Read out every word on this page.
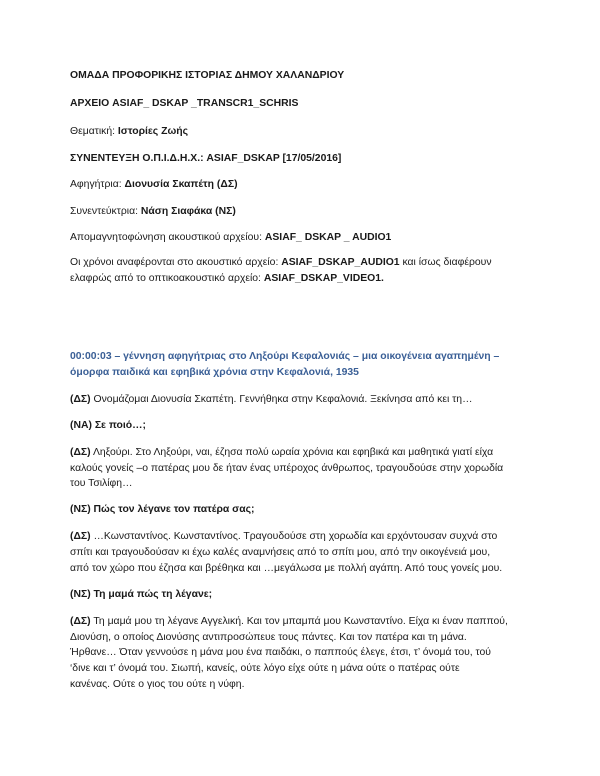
ΟΜΑΔΑ ΠΡΟΦΟΡΙΚΗΣ ΙΣΤΟΡΙΑΣ ΔΗΜΟΥ ΧΑΛΑΝΔΡΙΟΥ
ΑΡΧΕΙΟ ASIAF_ DSKAP _TRANSCR1_SCHRIS
Θεματική: Ιστορίες Ζωής
ΣΥΝΕΝΤΕΥΞΗ Ο.Π.Ι.Δ.Η.Χ.: ASIAF_DSKAP [17/05/2016]
Αφηγήτρια: Διονυσία Σκαπέτη (ΔΣ)
Συνεντεύκτρια: Νάση Σιαφάκα (ΝΣ)
Απομαγνητοφώνηση ακουστικού αρχείου: ASIAF_ DSKAP _ AUDIO1
Οι χρόνοι αναφέρονται στο ακουστικό αρχείο: ASIAF_DSKAP_AUDIO1 και ίσως διαφέρουν
ελαφρώς από το οπτικοακουστικό αρχείο: ASIAF_DSKAP_VIDEO1.
00:00:03 – γέννηση αφηγήτριας στο Ληξούρι Κεφαλονιάς – μια οικογένεια αγαπημένη –
όμορφα παιδικά και εφηβικά χρόνια στην Κεφαλονιά, 1935
(ΔΣ) Ονομάζομαι Διονυσία Σκαπέτη. Γεννήθηκα στην Κεφαλονιά. Ξεκίνησα από κει τη…
(ΝΑ) Σε ποιό…;
(ΔΣ) Ληξούρι. Στο Ληξούρι, ναι, έζησα πολύ ωραία χρόνια και εφηβικά και μαθητικά γιατί είχα
καλούς γονείς –ο πατέρας μου δε ήταν ένας υπέροχος άνθρωπος, τραγουδούσε στην χορωδία
του Τσιλίφη…
(ΝΣ) Πώς τον λέγανε τον πατέρα σας;
(ΔΣ) …Κωνσταντίνος. Κωνσταντίνος. Τραγουδούσε στη χορωδία και ερχόντουσαν συχνά στο
σπίτι και τραγουδούσαν κι έχω καλές αναμνήσεις από το σπίτι μου, από την οικογένειά μου,
από τον χώρο που έζησα και βρέθηκα και …μεγάλωσα με πολλή αγάπη. Από τους γονείς μου.
(ΝΣ) Τη μαμά πώς τη λέγανε;
(ΔΣ) Τη μαμά μου τη λέγανε Αγγελική. Και τον μπαμπά μου Κωνσταντίνο. Είχα κι έναν παππού,
Διονύση, ο οποίος Διονύσης αντιπροσώπευε τους πάντες. Και τον πατέρα και τη μάνα.
Ήρθανε… Όταν γεννούσε η μάνα μου ένα παιδάκι, ο παππούς έλεγε, έτσι, τ’ όνομά του, τού
‘δινε και τ’ όνομά του. Σιωπή, κανείς, ούτε λόγο είχε ούτε η μάνα ούτε ο πατέρας ούτε
κανένας. Ούτε ο γιος του ούτε η νύφη.
